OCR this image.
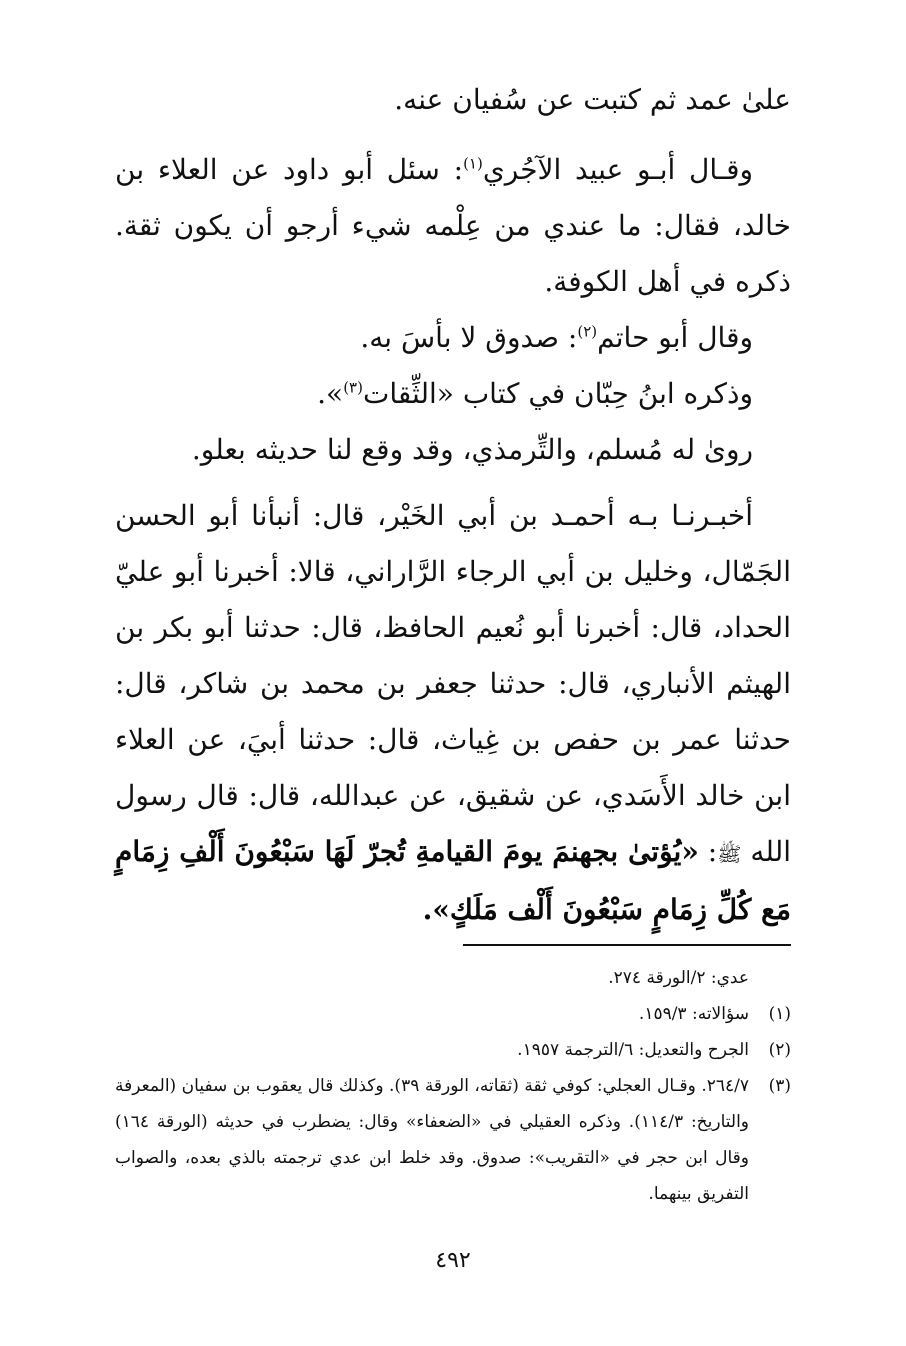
علىٰ عمد ثم كتبت عن سُفيان عنه.

وقـال أبـو عبيد الآجُري$^{(١)}$: سئل أبو داود عن العلاء بن خالد، فقال: ما عندي من عِلْمه شيء أرجو أن يكون ثقة. ذكره في أهل الكوفة.

وقال أبو حاتم$^{(٢)}$: صدوق لا بأسَ به.

وذكره ابنُ حِبّان في كتاب «الثِّقات$^{(٣)}$».

روىٰ له مُسلم، والتِّرمذي، وقد وقع لنا حديثه بعلو.

أخبـرنـا بـه أحمـد بن أبي الخَيْر، قال: أنبأنا أبو الحسن الجَمّال، وخليل بن أبي الرجاء الرَّاراني، قالا: أخبرنا أبو عليّ الحداد، قال: أخبرنا أبو نُعيم الحافظ، قال: حدثنا أبو بكر بن الهيثم الأنباري، قال: حدثنا جعفر بن محمد بن شاكر، قال: حدثنا عمر بن حفص بن غِياث، قال: حدثنا أبيَ، عن العلاء ابن خالد الأَسَدي، عن شقيق، عن عبدالله، قال: قال رسول الله ﷺ: «يُؤتىٰ بجهنمَ يومَ القيامةِ تُجرّ لَهَا سَبْعُونَ أَلْفِ زِمَامٍ مَع كُلِّ زِمَامٍ سَبْعُونَ أَلْف مَلَكٍ».

عدي: ٢/الورقة ٢٧٤.
(١)
سؤالاته: ١٥٩/٣.
(٢)
الجرح والتعديل: ٦/الترجمة ١٩٥٧.
(٣)
٢٦٤/٧. وقـال العجلي: كوفي ثقة (ثقاته، الورقة ٣٩). وكذلك قال يعقوب بن سفيان (المعرفة والتاريخ: ١١٤/٣). وذكره العقيلي في «الضعفاء» وقال: يضطرب في حديثه (الورقة ١٦٤) وقال ابن حجر في «التقريب»: صدوق. وقد خلط ابن عدي ترجمته بالذي بعده، والصواب التفريق بينهما.
٤٩٢
